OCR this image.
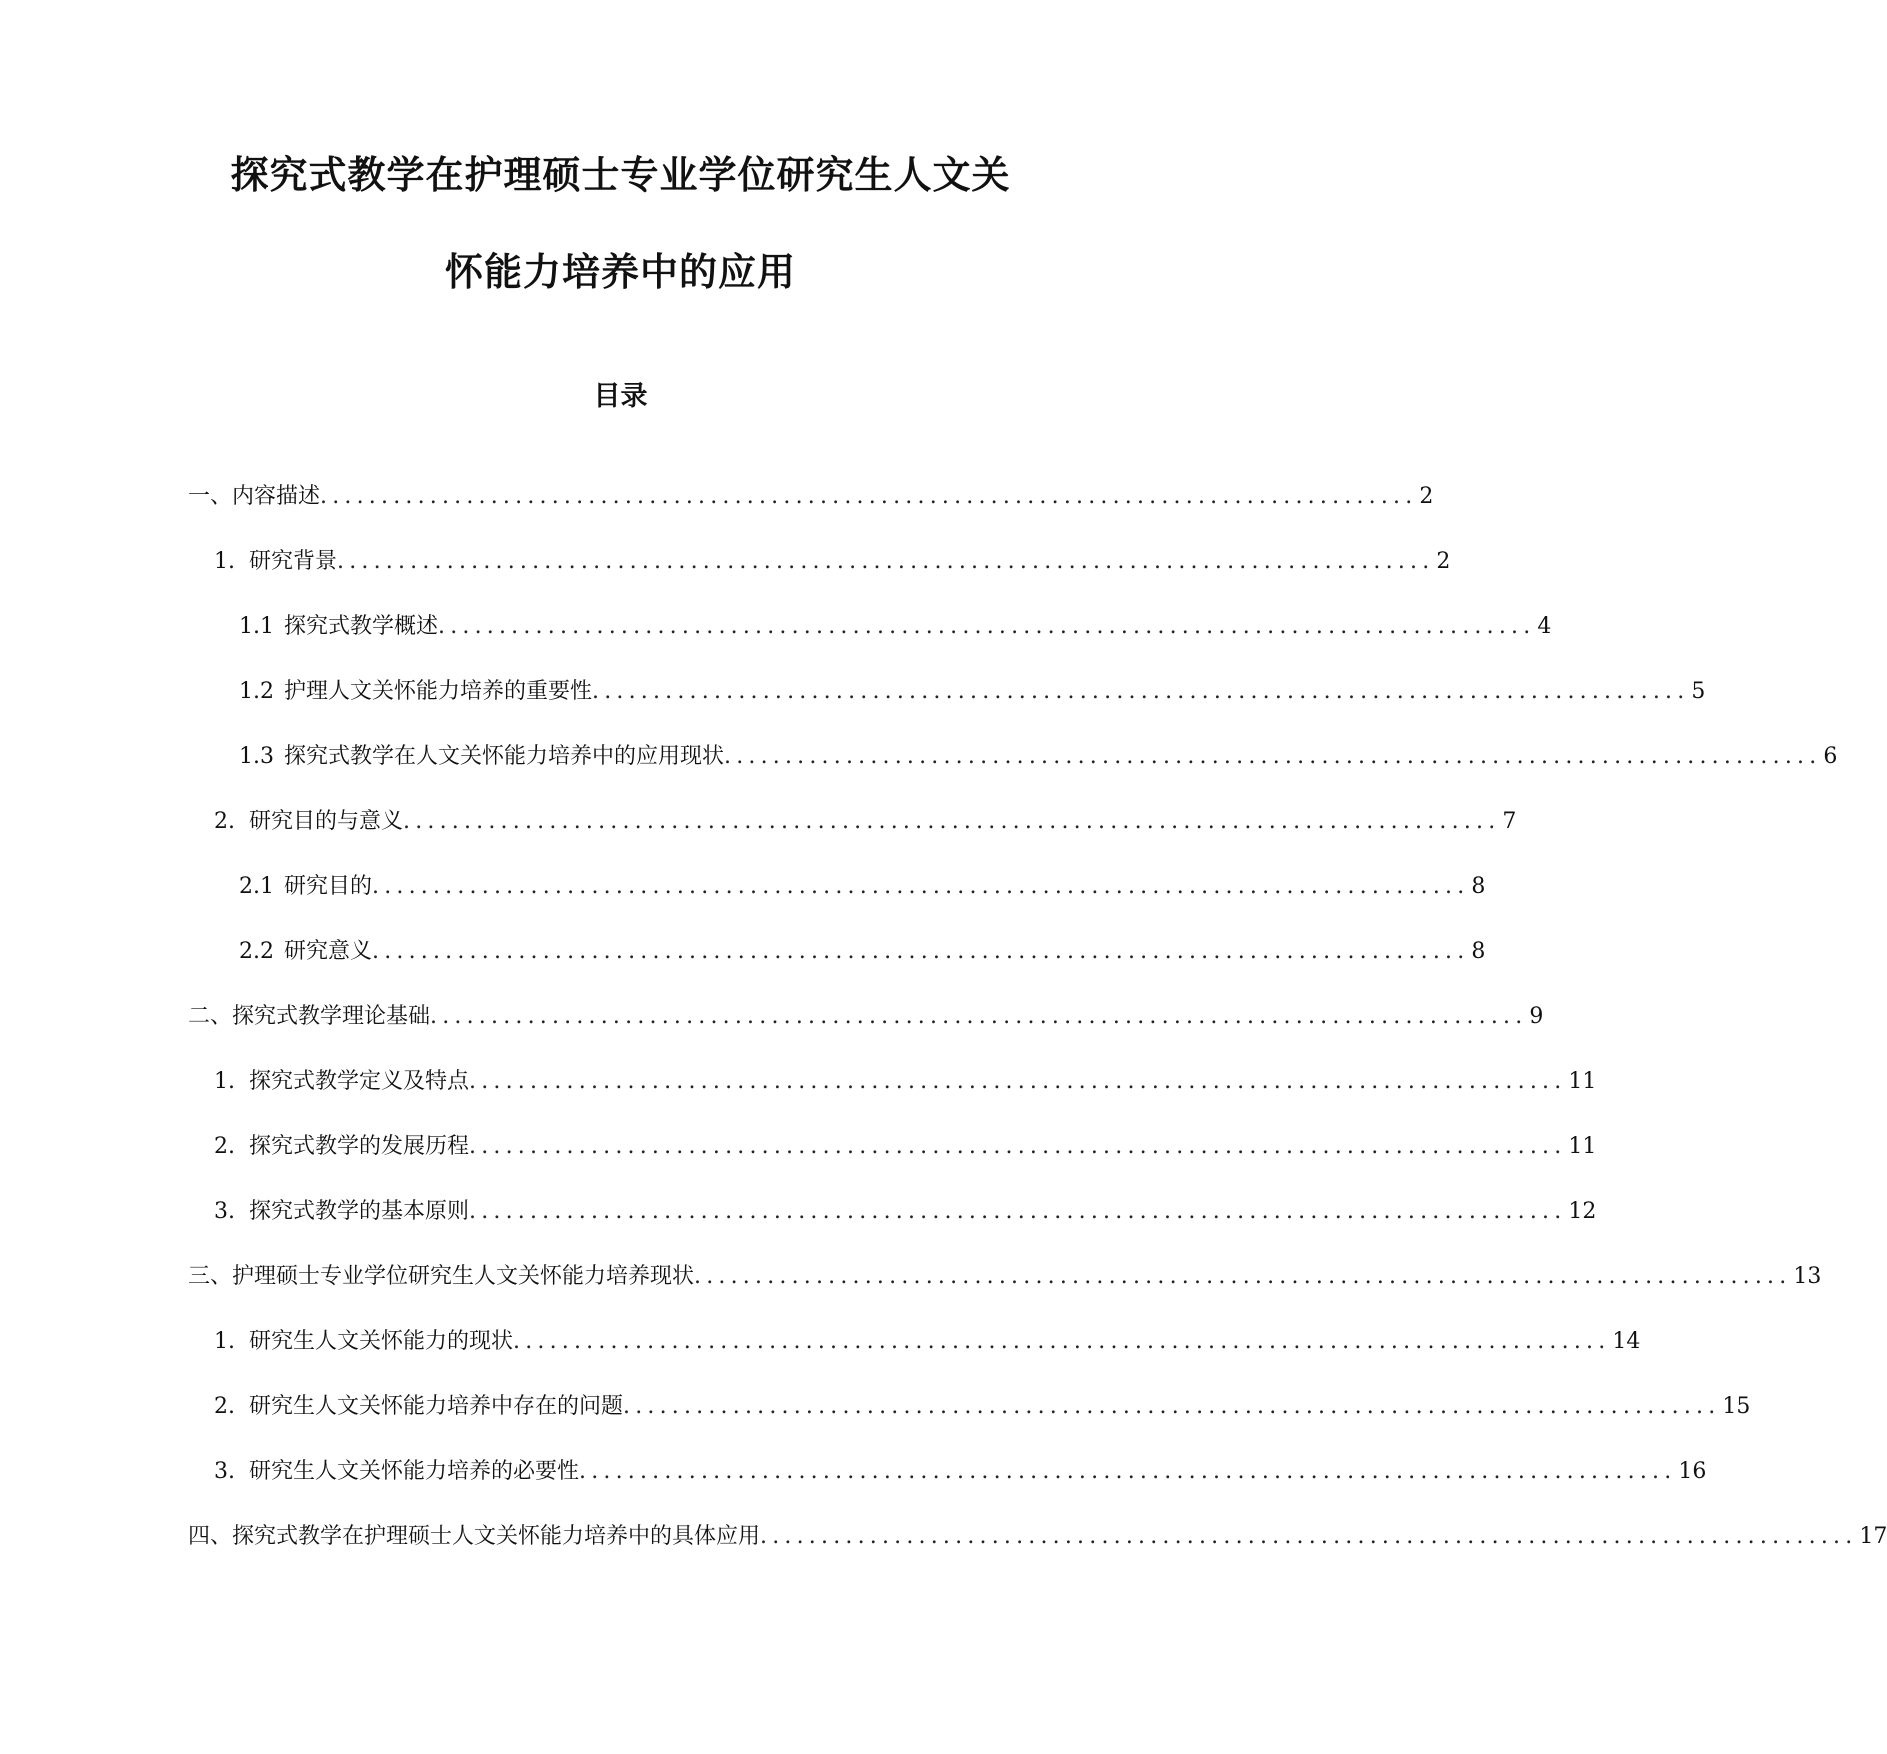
探究式教学在护理硕士专业学位研究生人文关
怀能力培养中的应用
目录
一、 内容描述 .......................................................................................... 2
1. 研究背景 .......................................................................................... 2
1.1 探究式教学概述 .......................................................................................... 4
1.2 护理人文关怀能力培养的重要性 .......................................................................................... 5
1.3 探究式教学在人文关怀能力培养中的应用现状 .......................................................................................... 6
2. 研究目的与意义 .......................................................................................... 7
2.1 研究目的 .......................................................................................... 8
2.2 研究意义 .......................................................................................... 8
二、 探究式教学理论基础 .......................................................................................... 9
1. 探究式教学定义及特点 .......................................................................................... 11
2. 探究式教学的发展历程 .......................................................................................... 11
3. 探究式教学的基本原则 .......................................................................................... 12
三、 护理硕士专业学位研究生人文关怀能力培养现状 .......................................................................................... 13
1. 研究生人文关怀能力的现状 .......................................................................................... 14
2. 研究生人文关怀能力培养中存在的问题 .......................................................................................... 15
3. 研究生人文关怀能力培养的必要性 .......................................................................................... 16
四、 探究式教学在护理硕士人文关怀能力培养中的具体应用 .......................................................................................... 17
